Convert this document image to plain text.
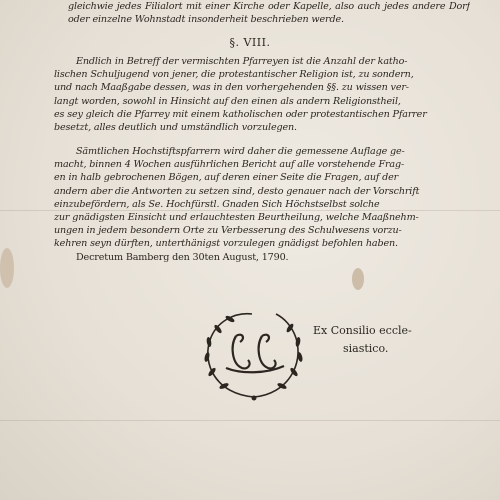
gleichwie jedes Filialort mit einer Kirche oder Kapelle, also auch jedes andere Dorf oder einzelne Wohnstadt insonderheit beschrieben werde.
§. VIII.
Endlich in Betreff der vermischten Pfarreyen ist die Anzahl der katho-
lischen Schuljugend von jener, die protestantischer Religion ist, zu sondern,
und nach Maaßgabe dessen, was in den vorhergehenden §§. zu wissen ver-
langt worden, sowohl in Hinsicht auf den einen als andern Religionstheil,
es sey gleich die Pfarrey mit einem katholischen oder protestantischen Pfarrer
besetzt, alles deutlich und umständlich vorzulegen.
Sämtlichen Hochstiftspfarrern wird daher die gemessene Auflage ge-
macht, binnen 4 Wochen ausführlichen Bericht auf alle vorstehende Frag-
en in halb gebrochenen Bögen, auf deren einer Seite die Fragen, auf der
andern aber die Antworten zu setzen sind, desto genauer nach der Vorschrift
einzubefördern, als Se. Hochfürstl. Gnaden Sich Höchstselbst solche
zur gnädigsten Einsicht und erlauchtesten Beurtheilung, welche Maaßnehm-
ungen in jedem besondern Orte zu Verbesserung des Schulwesens vorzu-
kehren seyn dürften, unterthänigst vorzulegen gnädigst befohlen haben.
Decretum Bamberg den 30ten August, 1790.
Ex Consilio eccle-
siastico.
